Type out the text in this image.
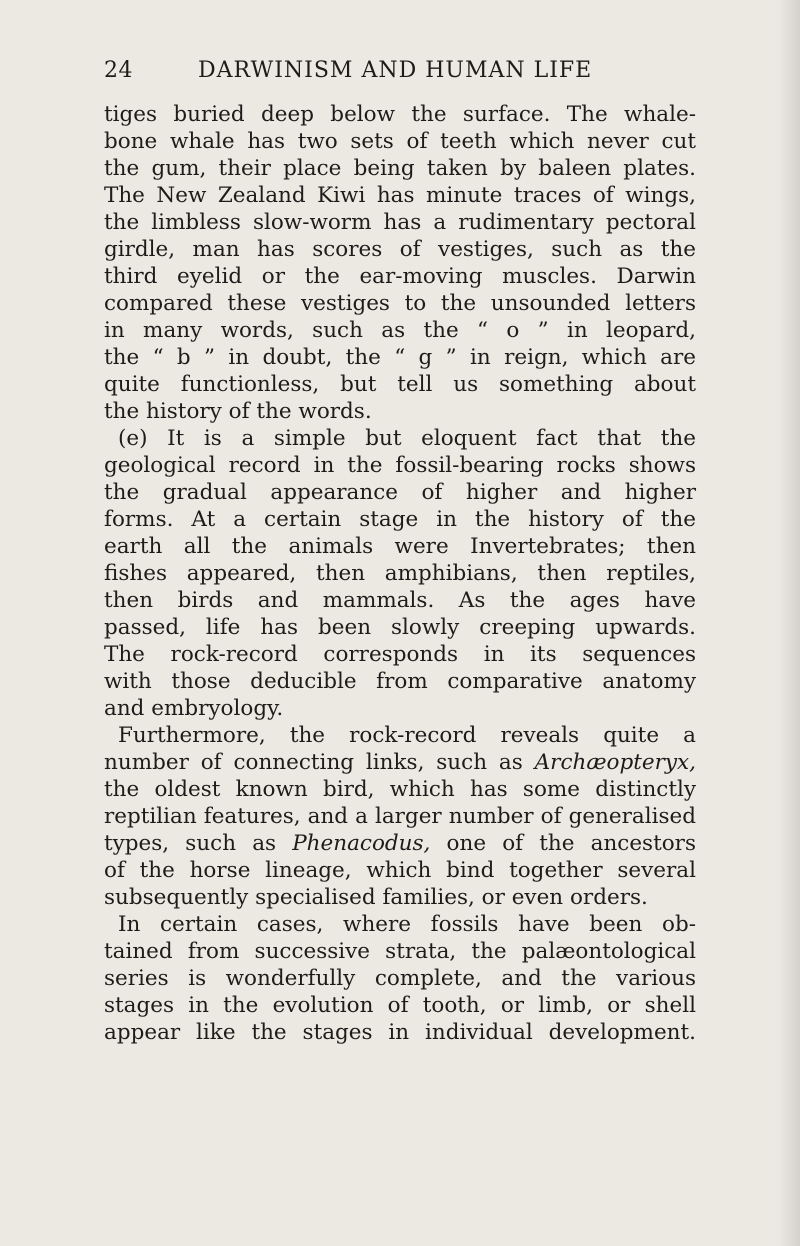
24	DARWINISM AND HUMAN LIFE
tiges buried deep below the surface. The whale-
bone whale has two sets of teeth which never cut
the gum, their place being taken by baleen plates.
The New Zealand Kiwi has minute traces of wings,
the limbless slow-worm has a rudimentary pectoral
girdle, man has scores of vestiges, such as the
third eyelid or the ear-moving muscles. Darwin
compared these vestiges to the unsounded letters
in many words, such as the “ o ” in leopard,
the “ b ” in doubt, the “ g ” in reign, which are
quite functionless, but tell us something about
the history of the words.
(e) It is a simple but eloquent fact that the
geological record in the fossil-bearing rocks shows
the gradual appearance of higher and higher
forms. At a certain stage in the history of the
earth all the animals were Invertebrates; then
fishes appeared, then amphibians, then reptiles,
then birds and mammals. As the ages have
passed, life has been slowly creeping upwards.
The rock-record corresponds in its sequences
with those deducible from comparative anatomy
and embryology.
Furthermore, the rock-record reveals quite a
number of connecting links, such as Archæopteryx,
the oldest known bird, which has some distinctly
reptilian features, and a larger number of generalised
types, such as Phenacodus, one of the ancestors
of the horse lineage, which bind together several
subsequently specialised families, or even orders.
In certain cases, where fossils have been ob-
tained from successive strata, the palæontological
series is wonderfully complete, and the various
stages in the evolution of tooth, or limb, or shell
appear like the stages in individual development.
